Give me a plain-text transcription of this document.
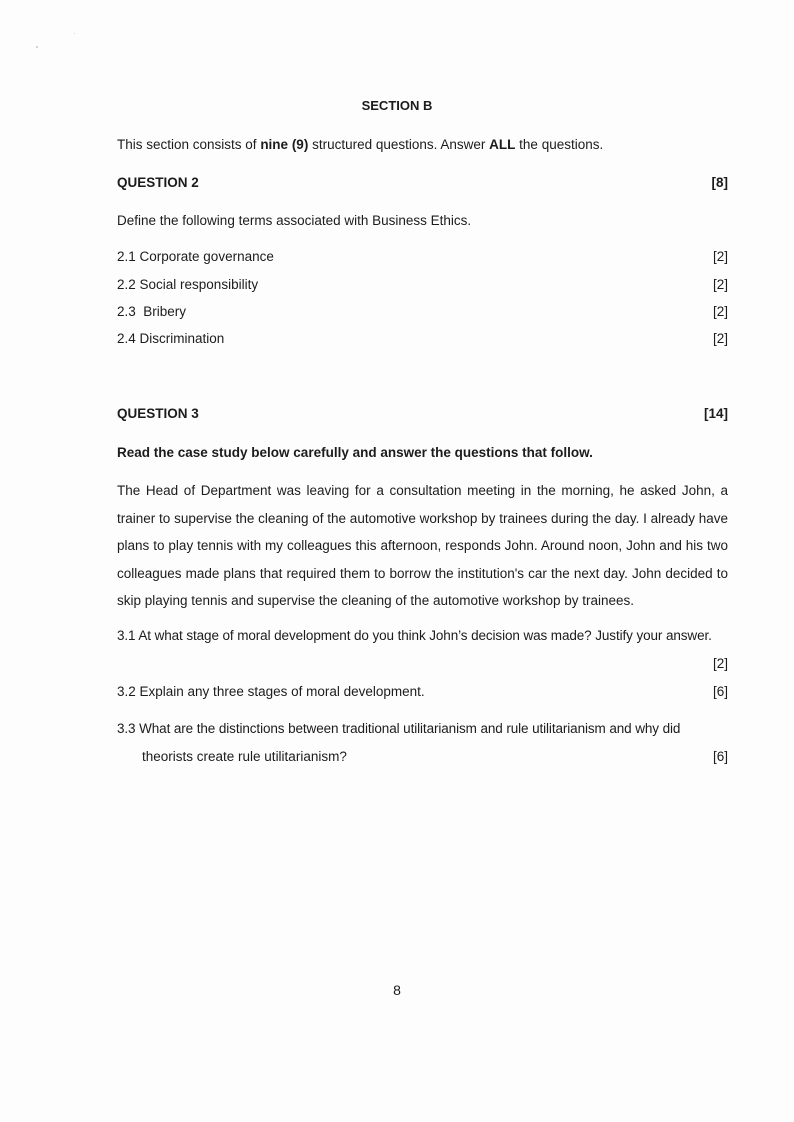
SECTION B
This section consists of nine (9) structured questions. Answer ALL the questions.
QUESTION 2	[8]
Define the following terms associated with Business Ethics.
2.1 Corporate governance	[2]
2.2 Social responsibility	[2]
2.3  Bribery	[2]
2.4 Discrimination	[2]
QUESTION 3	[14]
Read the case study below carefully and answer the questions that follow.
The Head of Department was leaving for a consultation meeting in the morning, he asked John, a trainer to supervise the cleaning of the automotive workshop by trainees during the day. I already have plans to play tennis with my colleagues this afternoon, responds John. Around noon, John and his two colleagues made plans that required them to borrow the institution's car the next day. John decided to skip playing tennis and supervise the cleaning of the automotive workshop by trainees.
3.1 At what stage of moral development do you think John’s decision was made? Justify your answer.
[2]
3.2 Explain any three stages of moral development.	[6]
3.3 What are the distinctions between traditional utilitarianism and rule utilitarianism and why did
theorists create rule utilitarianism?	[6]
8
